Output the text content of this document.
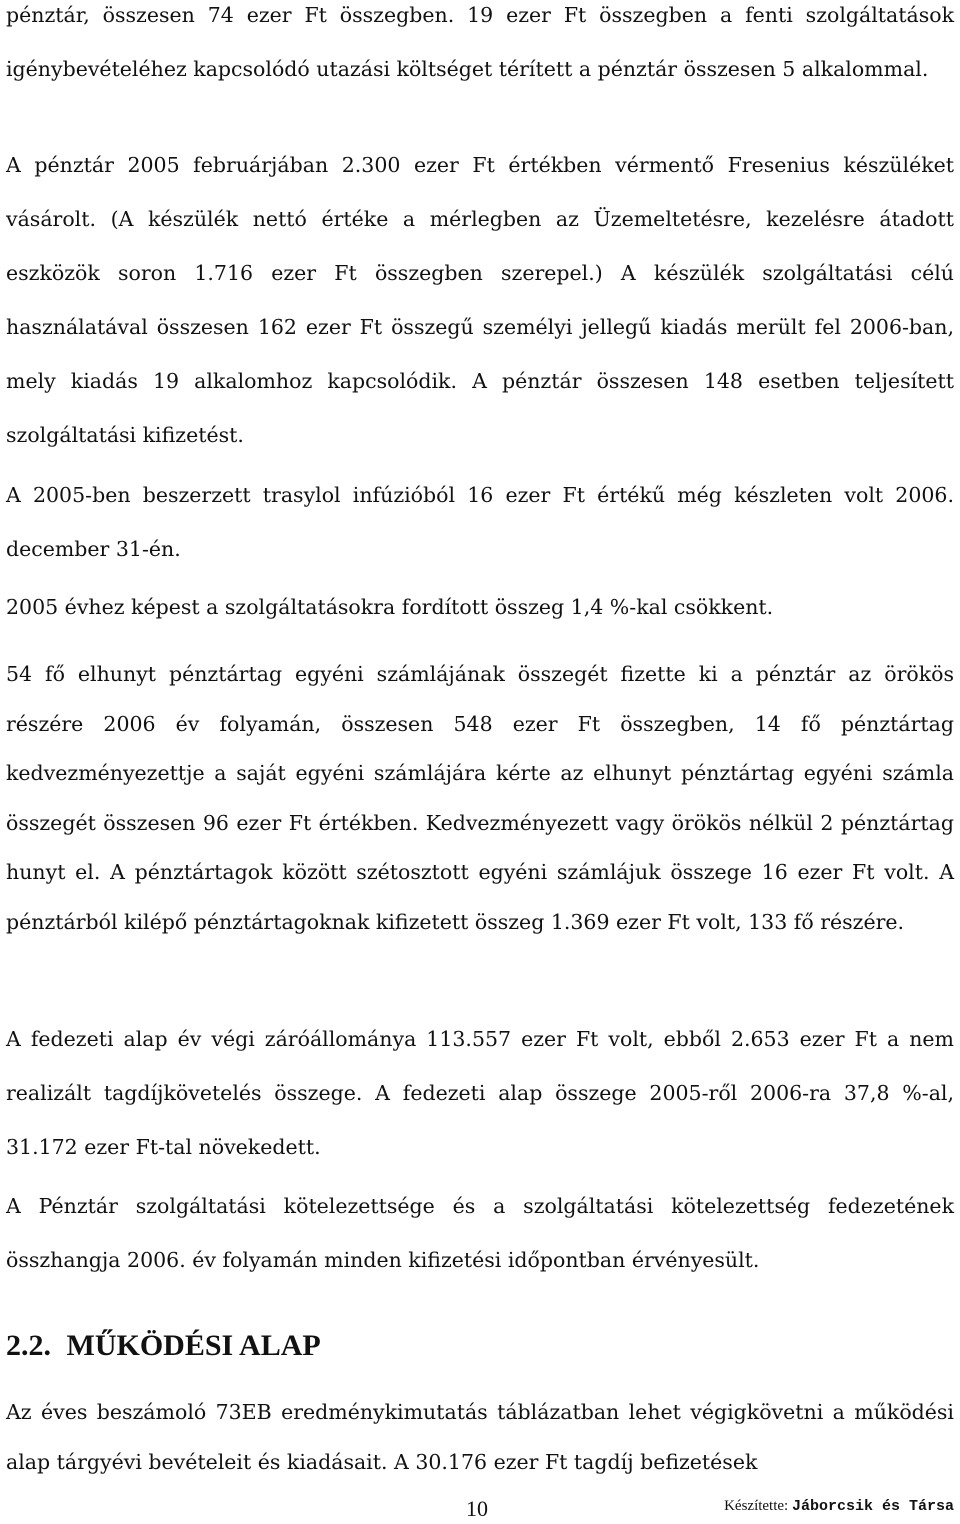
pénztár, összesen 74 ezer Ft összegben. 19 ezer Ft összegben a fenti szolgáltatások igénybevételéhez kapcsolódó utazási költséget térített a pénztár összesen 5 alkalommal.

A pénztár 2005 februárjában 2.300 ezer Ft értékben vérmentő Fresenius készüléket vásárolt. (A készülék nettó értéke a mérlegben az Üzemeltetésre, kezelésre átadott eszközök soron 1.716 ezer Ft összegben szerepel.) A készülék szolgáltatási célú használatával összesen 162 ezer Ft összegű személyi jellegű kiadás merült fel 2006-ban, mely kiadás 19 alkalomhoz kapcsolódik. A pénztár összesen 148 esetben teljesített szolgáltatási kifizetést.

A 2005-ben beszerzett trasylol infúzióból 16 ezer Ft értékű még készleten volt 2006. december 31-én.

2005 évhez képest a szolgáltatásokra fordított összeg 1,4 %-kal csökkent.

54 fő elhunyt pénztártag egyéni számlájának összegét fizette ki a pénztár az örökös részére 2006 év folyamán, összesen 548 ezer Ft összegben, 14 fő pénztártag kedvezményezettje a saját egyéni számlájára kérte az elhunyt pénztártag egyéni számla összegét összesen 96 ezer Ft értékben. Kedvezményezett vagy örökös nélkül 2 pénztártag hunyt el. A pénztártagok között szétosztott egyéni számlájuk összege 16 ezer Ft volt. A pénztárból kilépő pénztártagoknak kifizetett összeg 1.369 ezer Ft volt, 133 fő részére.

A fedezeti alap év végi záróállománya 113.557 ezer Ft volt, ebből 2.653 ezer Ft a nem realizált tagdíjkövetelés összege. A fedezeti alap összege 2005-ről 2006-ra 37,8 %-al, 31.172 ezer Ft-tal növekedett.

A Pénztár szolgáltatási kötelezettsége és a szolgáltatási kötelezettség fedezetének összhangja 2006. év folyamán minden kifizetési időpontban érvényesült.

2.2. MŰKÖDÉSI ALAP

Az éves beszámoló 73EB eredménykimutatás táblázatban lehet végigkövetni a működési alap tárgyévi bevételeit és kiadásait. A 30.176 ezer Ft tagdíj befizetések

10	Készítette: Jáborcsik és Társa
